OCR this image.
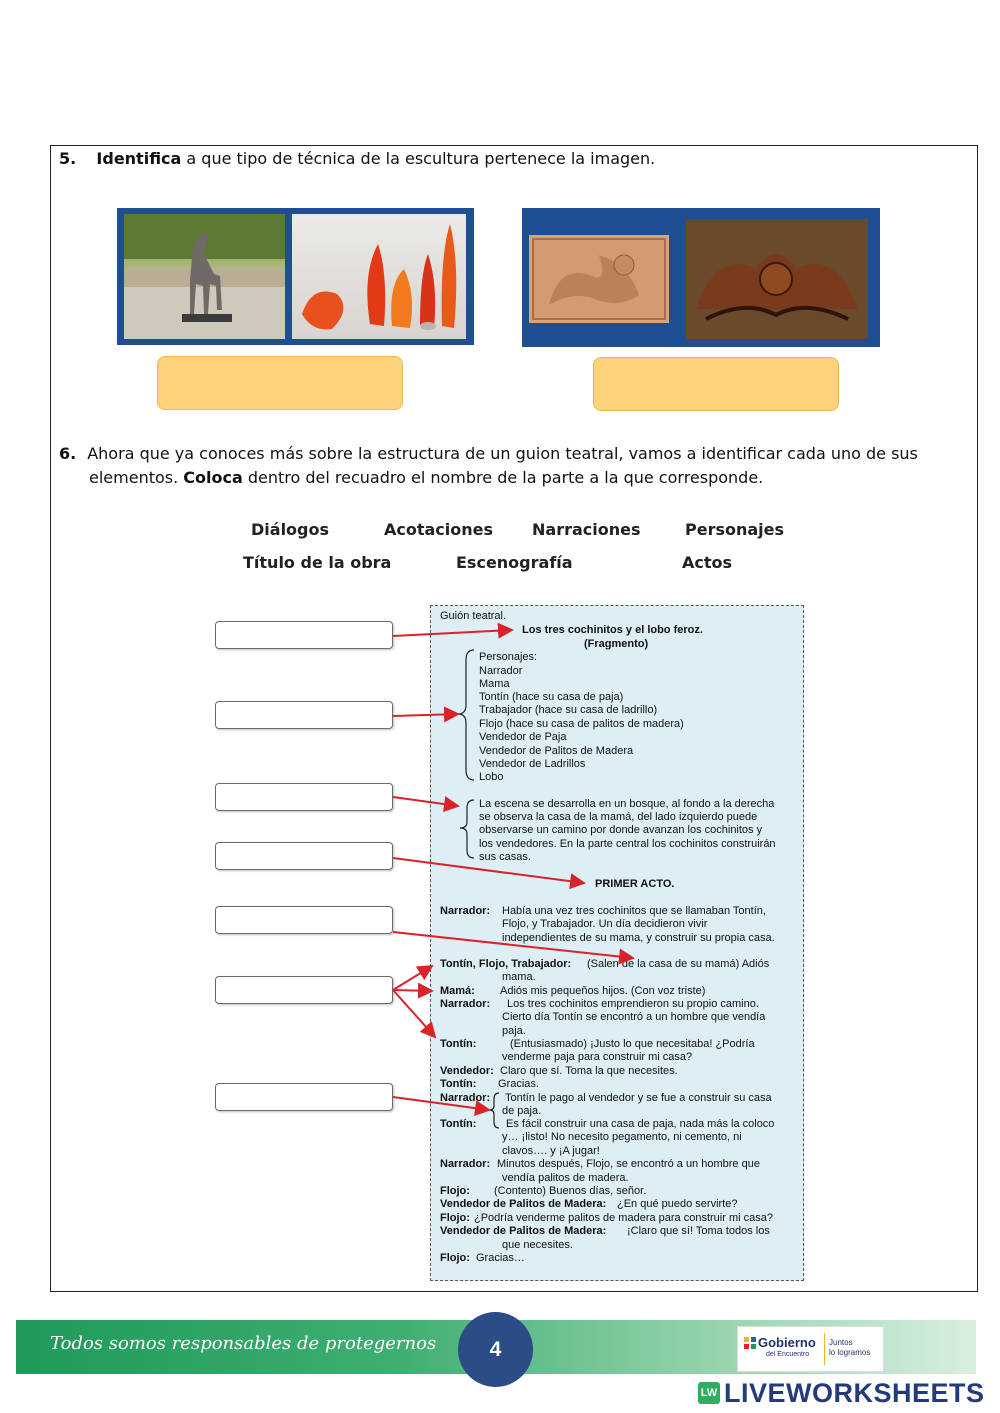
5. Identifica a que tipo de técnica de la escultura pertenece la imagen.
6. Ahora que ya conoces más sobre la estructura de un guion teatral, vamos a identificar cada uno de sus
elementos. Coloca dentro del recuadro el nombre de la parte a la que corresponde.
Diálogos	Acotaciones Narraciones	Personajes
Título de la obra	Escenografía	Actos
Guión teatral.
Los tres cochinitos y el lobo feroz.
(Fragmento)
Personajes:
Narrador
Mama
Tontín (hace su casa de paja)
Trabajador (hace su casa de ladrillo)
Flojo (hace su casa de palitos de madera)
Vendedor de Paja
Vendedor de Palitos de Madera
Vendedor de Ladrillos
Lobo
La escena se desarrolla en un bosque, al fondo a la derecha
se observa la casa de la mamá, del lado izquierdo puede
observarse un camino por donde avanzan los cochinitos y
los vendedores. En la parte central los cochinitos construirán
sus casas.
PRIMER ACTO.
Narrador: Había una vez tres cochinitos que se llamaban Tontín,
Flojo, y Trabajador. Un día decidieron vivir
independientes de su mama, y construir su propia casa.
Tontín, Flojo, Trabajador: (Salen de la casa de su mamá) Adiós
mama.
Mamá: Adiós mis pequeños hijos. (Con voz triste)
Narrador: Los tres cochinitos emprendieron su propio camino.
Cierto día Tontín se encontró a un hombre que vendía
paja.
Tontín:	(Entusiasmado) ¡Justo lo que necesitaba! ¿Podría
venderme paja para construir mi casa?
Vendedor: Claro que sí. Toma la que necesites.
Tontín: Gracias.
Narrador: Tontín le pago al vendedor y se fue a construir su casa
de paja.
Tontín:	Es fácil construir una casa de paja, nada más la coloco
y… ¡listo! No necesito pegamento, ni cemento, ni
clavos…. y ¡A jugar!
Narrador: Minutos después, Flojo, se encontró a un hombre que
vendía palitos de madera.
Flojo: (Contento) Buenos días, señor.
Vendedor de Palitos de Madera: ¿En qué puedo servirte?
Flojo: ¿Podría venderme palitos de madera para construir mi casa?
Vendedor de Palitos de Madera: ¡Claro que sí! Toma todos los
que necesites.
Flojo: Gracias…
Todos somos responsables de protegernos	4	Gobierno
del Encuentro
Juntos
lo logramos
LW LIVEWORKSHEETS
